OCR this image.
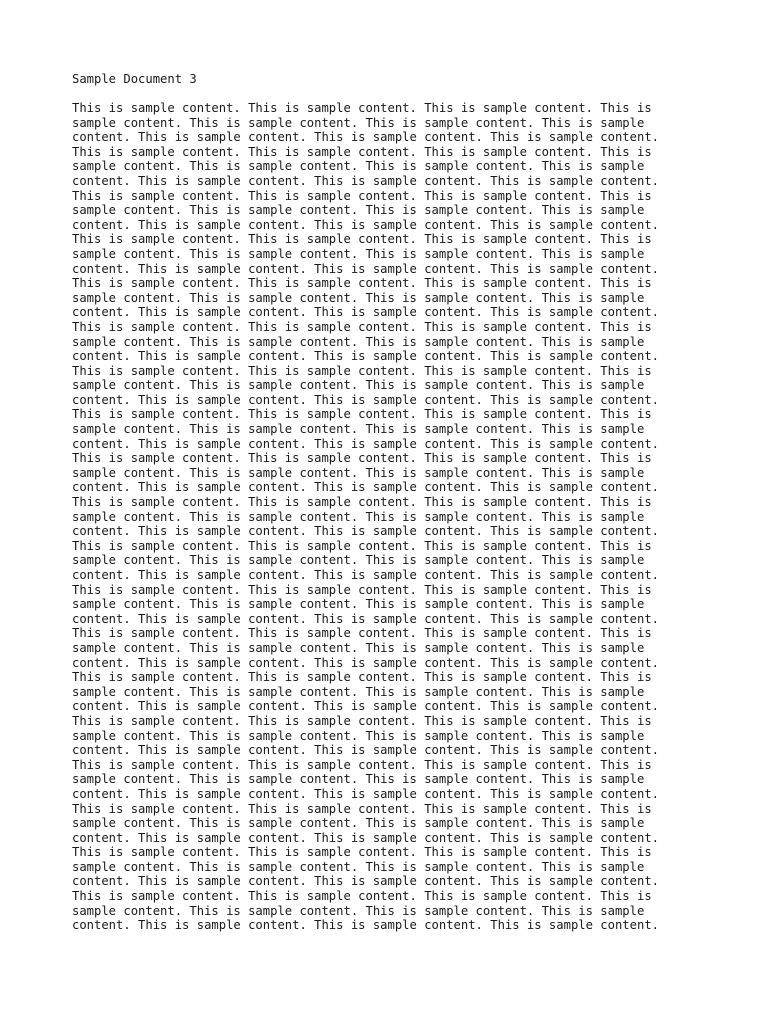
Sample Document 3

This is sample content. This is sample content. This is sample content. This is
sample content. This is sample content. This is sample content. This is sample
content. This is sample content. This is sample content. This is sample content.
This is sample content. This is sample content. This is sample content. This is
sample content. This is sample content. This is sample content. This is sample
content. This is sample content. This is sample content. This is sample content.
This is sample content. This is sample content. This is sample content. This is
sample content. This is sample content. This is sample content. This is sample
content. This is sample content. This is sample content. This is sample content.
This is sample content. This is sample content. This is sample content. This is
sample content. This is sample content. This is sample content. This is sample
content. This is sample content. This is sample content. This is sample content.
This is sample content. This is sample content. This is sample content. This is
sample content. This is sample content. This is sample content. This is sample
content. This is sample content. This is sample content. This is sample content.
This is sample content. This is sample content. This is sample content. This is
sample content. This is sample content. This is sample content. This is sample
content. This is sample content. This is sample content. This is sample content.
This is sample content. This is sample content. This is sample content. This is
sample content. This is sample content. This is sample content. This is sample
content. This is sample content. This is sample content. This is sample content.
This is sample content. This is sample content. This is sample content. This is
sample content. This is sample content. This is sample content. This is sample
content. This is sample content. This is sample content. This is sample content.
This is sample content. This is sample content. This is sample content. This is
sample content. This is sample content. This is sample content. This is sample
content. This is sample content. This is sample content. This is sample content.
This is sample content. This is sample content. This is sample content. This is
sample content. This is sample content. This is sample content. This is sample
content. This is sample content. This is sample content. This is sample content.
This is sample content. This is sample content. This is sample content. This is
sample content. This is sample content. This is sample content. This is sample
content. This is sample content. This is sample content. This is sample content.
This is sample content. This is sample content. This is sample content. This is
sample content. This is sample content. This is sample content. This is sample
content. This is sample content. This is sample content. This is sample content.
This is sample content. This is sample content. This is sample content. This is
sample content. This is sample content. This is sample content. This is sample
content. This is sample content. This is sample content. This is sample content.
This is sample content. This is sample content. This is sample content. This is
sample content. This is sample content. This is sample content. This is sample
content. This is sample content. This is sample content. This is sample content.
This is sample content. This is sample content. This is sample content. This is
sample content. This is sample content. This is sample content. This is sample
content. This is sample content. This is sample content. This is sample content.
This is sample content. This is sample content. This is sample content. This is
sample content. This is sample content. This is sample content. This is sample
content. This is sample content. This is sample content. This is sample content.
This is sample content. This is sample content. This is sample content. This is
sample content. This is sample content. This is sample content. This is sample
content. This is sample content. This is sample content. This is sample content.
This is sample content. This is sample content. This is sample content. This is
sample content. This is sample content. This is sample content. This is sample
content. This is sample content. This is sample content. This is sample content.
This is sample content. This is sample content. This is sample content. This is
sample content. This is sample content. This is sample content. This is sample
content. This is sample content. This is sample content. This is sample content.
